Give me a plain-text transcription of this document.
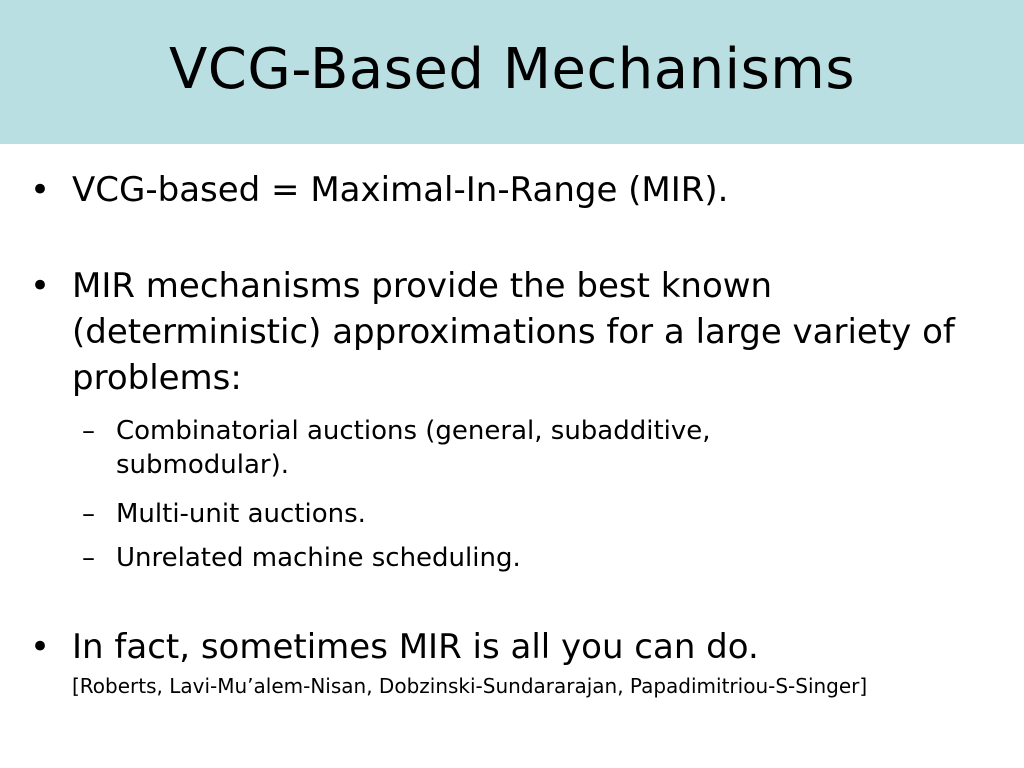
VCG-Based Mechanisms
• VCG-based = Maximal-In-Range (MIR).
• MIR mechanisms provide the best known (deterministic) approximations for a large variety of problems:
– Combinatorial auctions (general, subadditive, submodular).
– Multi-unit auctions.
– Unrelated machine scheduling.
• In fact, sometimes MIR is all you can do.
[Roberts, Lavi-Mu’alem-Nisan, Dobzinski-Sundararajan, Papadimitriou-S-Singer]
